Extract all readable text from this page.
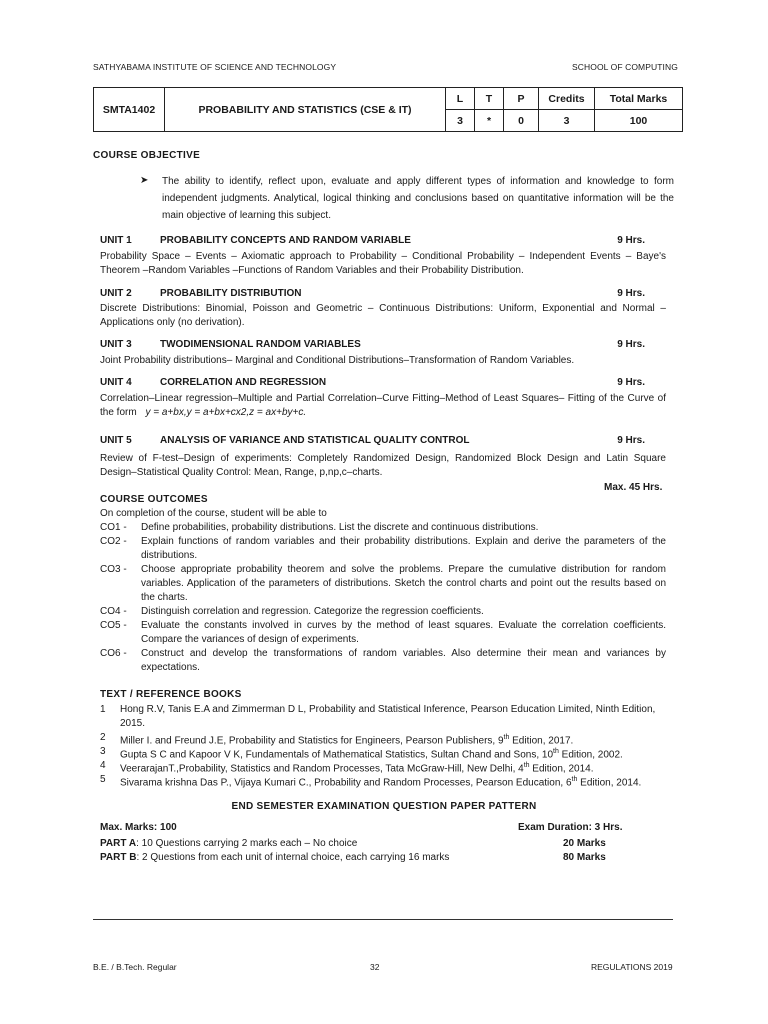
SATHYABAMA INSTITUTE OF SCIENCE AND TECHNOLOGY	SCHOOL OF COMPUTING
SMTA1402	PROBABILITY AND STATISTICS (CSE & IT)	L	T	P	Credits	Total Marks
		3	*	0	3	100
COURSE OBJECTIVE
➤ The ability to identify, reflect upon, evaluate and apply different types of information and knowledge to form independent judgments. Analytical, logical thinking and conclusions based on quantitative information will be the main objective of learning this subject.
UNIT 1	PROBABILITY CONCEPTS AND RANDOM VARIABLE	9 Hrs.
Probability Space – Events – Axiomatic approach to Probability – Conditional Probability – Independent Events – Baye's Theorem –Random Variables –Functions of Random Variables and their Probability Distribution.
UNIT 2	PROBABILITY DISTRIBUTION	9 Hrs.
Discrete Distributions: Binomial, Poisson and Geometric – Continuous Distributions: Uniform, Exponential and Normal – Applications only (no derivation).
UNIT 3	TWODIMENSIONAL RANDOM VARIABLES	9 Hrs.
Joint Probability distributions– Marginal and Conditional Distributions–Transformation of Random Variables.
UNIT 4	CORRELATION AND REGRESSION	9 Hrs.
Correlation–Linear regression–Multiple and Partial Correlation–Curve Fitting–Method of Least Squares– Fitting of the Curve of the form y = a+bx,y = a+bx+cx2,z = ax+by+c.
UNIT 5	ANALYSIS OF VARIANCE AND STATISTICAL QUALITY CONTROL	9 Hrs.
Review of F-test–Design of experiments: Completely Randomized Design, Randomized Block Design and Latin Square Design–Statistical Quality Control: Mean, Range, p,np,c–charts.
Max. 45 Hrs.
COURSE OUTCOMES
On completion of the course, student will be able to
CO1 -	Define probabilities, probability distributions. List the discrete and continuous distributions.
CO2 -	Explain functions of random variables and their probability distributions. Explain and derive the parameters of the distributions.
CO3 -	Choose appropriate probability theorem and solve the problems. Prepare the cumulative distribution for random variables. Application of the parameters of distributions. Sketch the control charts and point out the results based on the charts.
CO4 -	Distinguish correlation and regression. Categorize the regression coefficients.
CO5 -	Evaluate the constants involved in curves by the method of least squares. Evaluate the correlation coefficients. Compare the variances of design of experiments.
CO6 -	Construct and develop the transformations of random variables. Also determine their mean and variances by expectations.
TEXT / REFERENCE BOOKS
1 Hong R.V, Tanis E.A and Zimmerman D L, Probability and Statistical Inference, Pearson Education Limited, Ninth Edition, 2015.
2 Miller I. and Freund J.E, Probability and Statistics for Engineers, Pearson Publishers, 9th Edition, 2017.
3 Gupta S C and Kapoor V K, Fundamentals of Mathematical Statistics, Sultan Chand and Sons, 10th Edition, 2002.
4 VeerarajanT.,Probability, Statistics and Random Processes, Tata McGraw-Hill, New Delhi, 4th Edition, 2014.
5 Sivarama krishna Das P., Vijaya Kumari C., Probability and Random Processes, Pearson Education, 6th Edition, 2014.
END SEMESTER EXAMINATION QUESTION PAPER PATTERN
Max. Marks: 100	Exam Duration: 3 Hrs.
PART A: 10 Questions carrying 2 marks each – No choice	20 Marks
PART B: 2 Questions from each unit of internal choice, each carrying 16 marks	80 Marks
B.E. / B.Tech. Regular	32	REGULATIONS 2019
